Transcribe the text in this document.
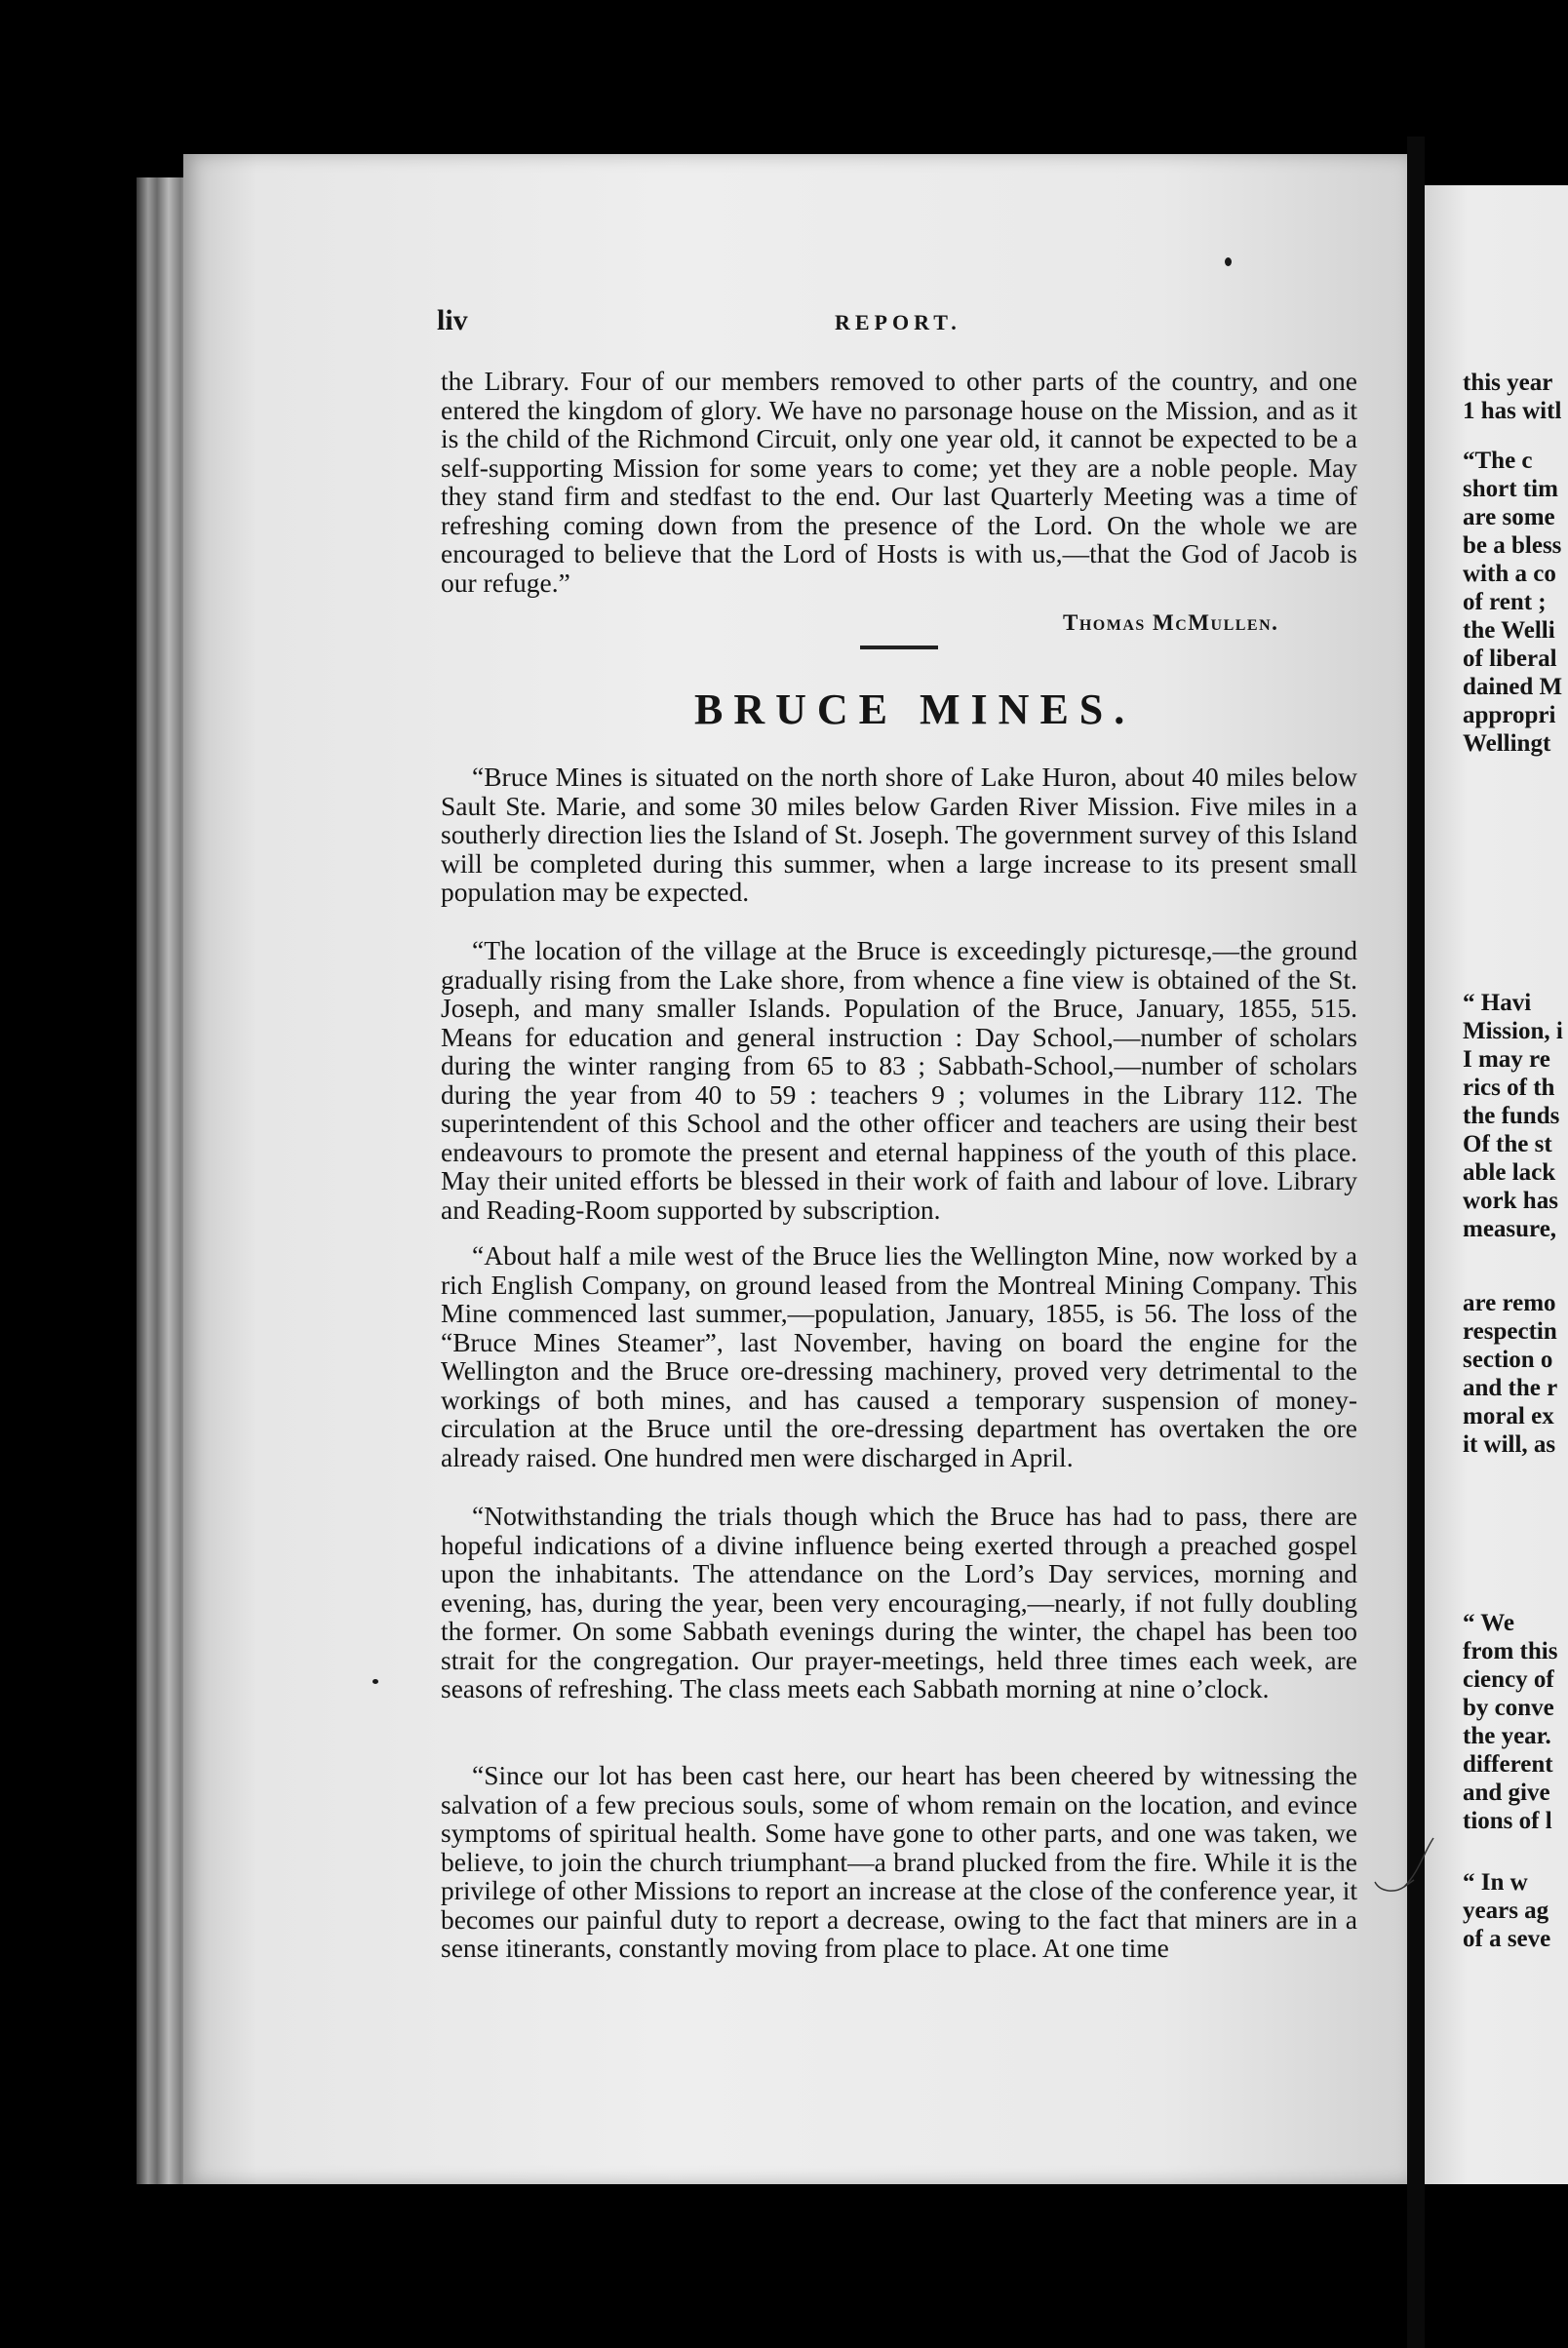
liv	REPORT.

the Library. Four of our members removed to other parts of the country, and one entered the kingdom of glory. We have no parsonage house on the Mission, and as it is the child of the Richmond Circuit, only one year old, it cannot be expected to be a self-supporting Mission for some years to come; yet they are a noble people. May they stand firm and stedfast to the end. Our last Quarterly Meeting was a time of refreshing coming down from the presence of the Lord. On the whole we are encouraged to believe that the Lord of Hosts is with us,—that the God of Jacob is our refuge.”

Thomas McMullen.
BRUCE MINES.

“Bruce Mines is situated on the north shore of Lake Huron, about 40 miles below Sault Ste. Marie, and some 30 miles below Garden River Mission. Five miles in a southerly direction lies the Island of St. Joseph. The government survey of this Island will be completed during this summer, when a large increase to its present small population may be expected.

“The location of the village at the Bruce is exceedingly picturesqe,—the ground gradually rising from the Lake shore, from whence a fine view is obtained of the St. Joseph, and many smaller Islands. Population of the Bruce, January, 1855, 515. Means for education and general instruction : Day School,—number of scholars during the winter ranging from 65 to 83 ; Sabbath-School,—number of scholars during the year from 40 to 59 : teachers 9 ; volumes in the Library 112. The superintendent of this School and the other officer and teachers are using their best endeavours to promote the present and eternal happiness of the youth of this place. May their united efforts be blessed in their work of faith and labour of love. Library and Reading-Room supported by subscription.

“About half a mile west of the Bruce lies the Wellington Mine, now worked by a rich English Company, on ground leased from the Montreal Mining Company. This Mine commenced last summer,—population, January, 1855, is 56. The loss of the “Bruce Mines Steamer”, last November, having on board the engine for the Wellington and the Bruce ore-dressing machinery, proved very detrimental to the workings of both mines, and has caused a temporary suspension of money-circulation at the Bruce until the ore-dressing department has overtaken the ore already raised. One hundred men were discharged in April.

“Notwithstanding the trials though which the Bruce has had to pass, there are hopeful indications of a divine influence being exerted through a preached gospel upon the inhabitants. The attendance on the Lord’s Day services, morning and evening, has, during the year, been very encouraging,—nearly, if not fully doubling the former. On some Sabbath evenings during the winter, the chapel has been too strait for the congregation. Our prayer-meetings, held three times each week, are seasons of refreshing. The class meets each Sabbath morning at nine o’clock.

“Since our lot has been cast here, our heart has been cheered by witnessing the salvation of a few precious souls, some of whom remain on the location, and evince symptoms of spiritual health. Some have gone to other parts, and one was taken, we believe, to join the church triumphant—a brand plucked from the fire. While it is the privilege of other Missions to report an increase at the close of the conference year, it becomes our painful duty to report a decrease, owing to the fact that miners are in a sense itinerants, constantly moving from place to place. At one time

this year
1 has witl
“The c
short tim
are some
be a bless
with a co
of rent ;
the Welli
of liberal
dained M
appropri
Wellingt
“ Havi
Mission, i
I may re
rics of th
the funds
Of the st
able lack
work has
measure,
are remo
respectin
section o
and the r
moral ex
it will, as
“ We
from this
ciency of
by conve
the year.
different
and give
tions of l
“ In w
years ag
of a seve
